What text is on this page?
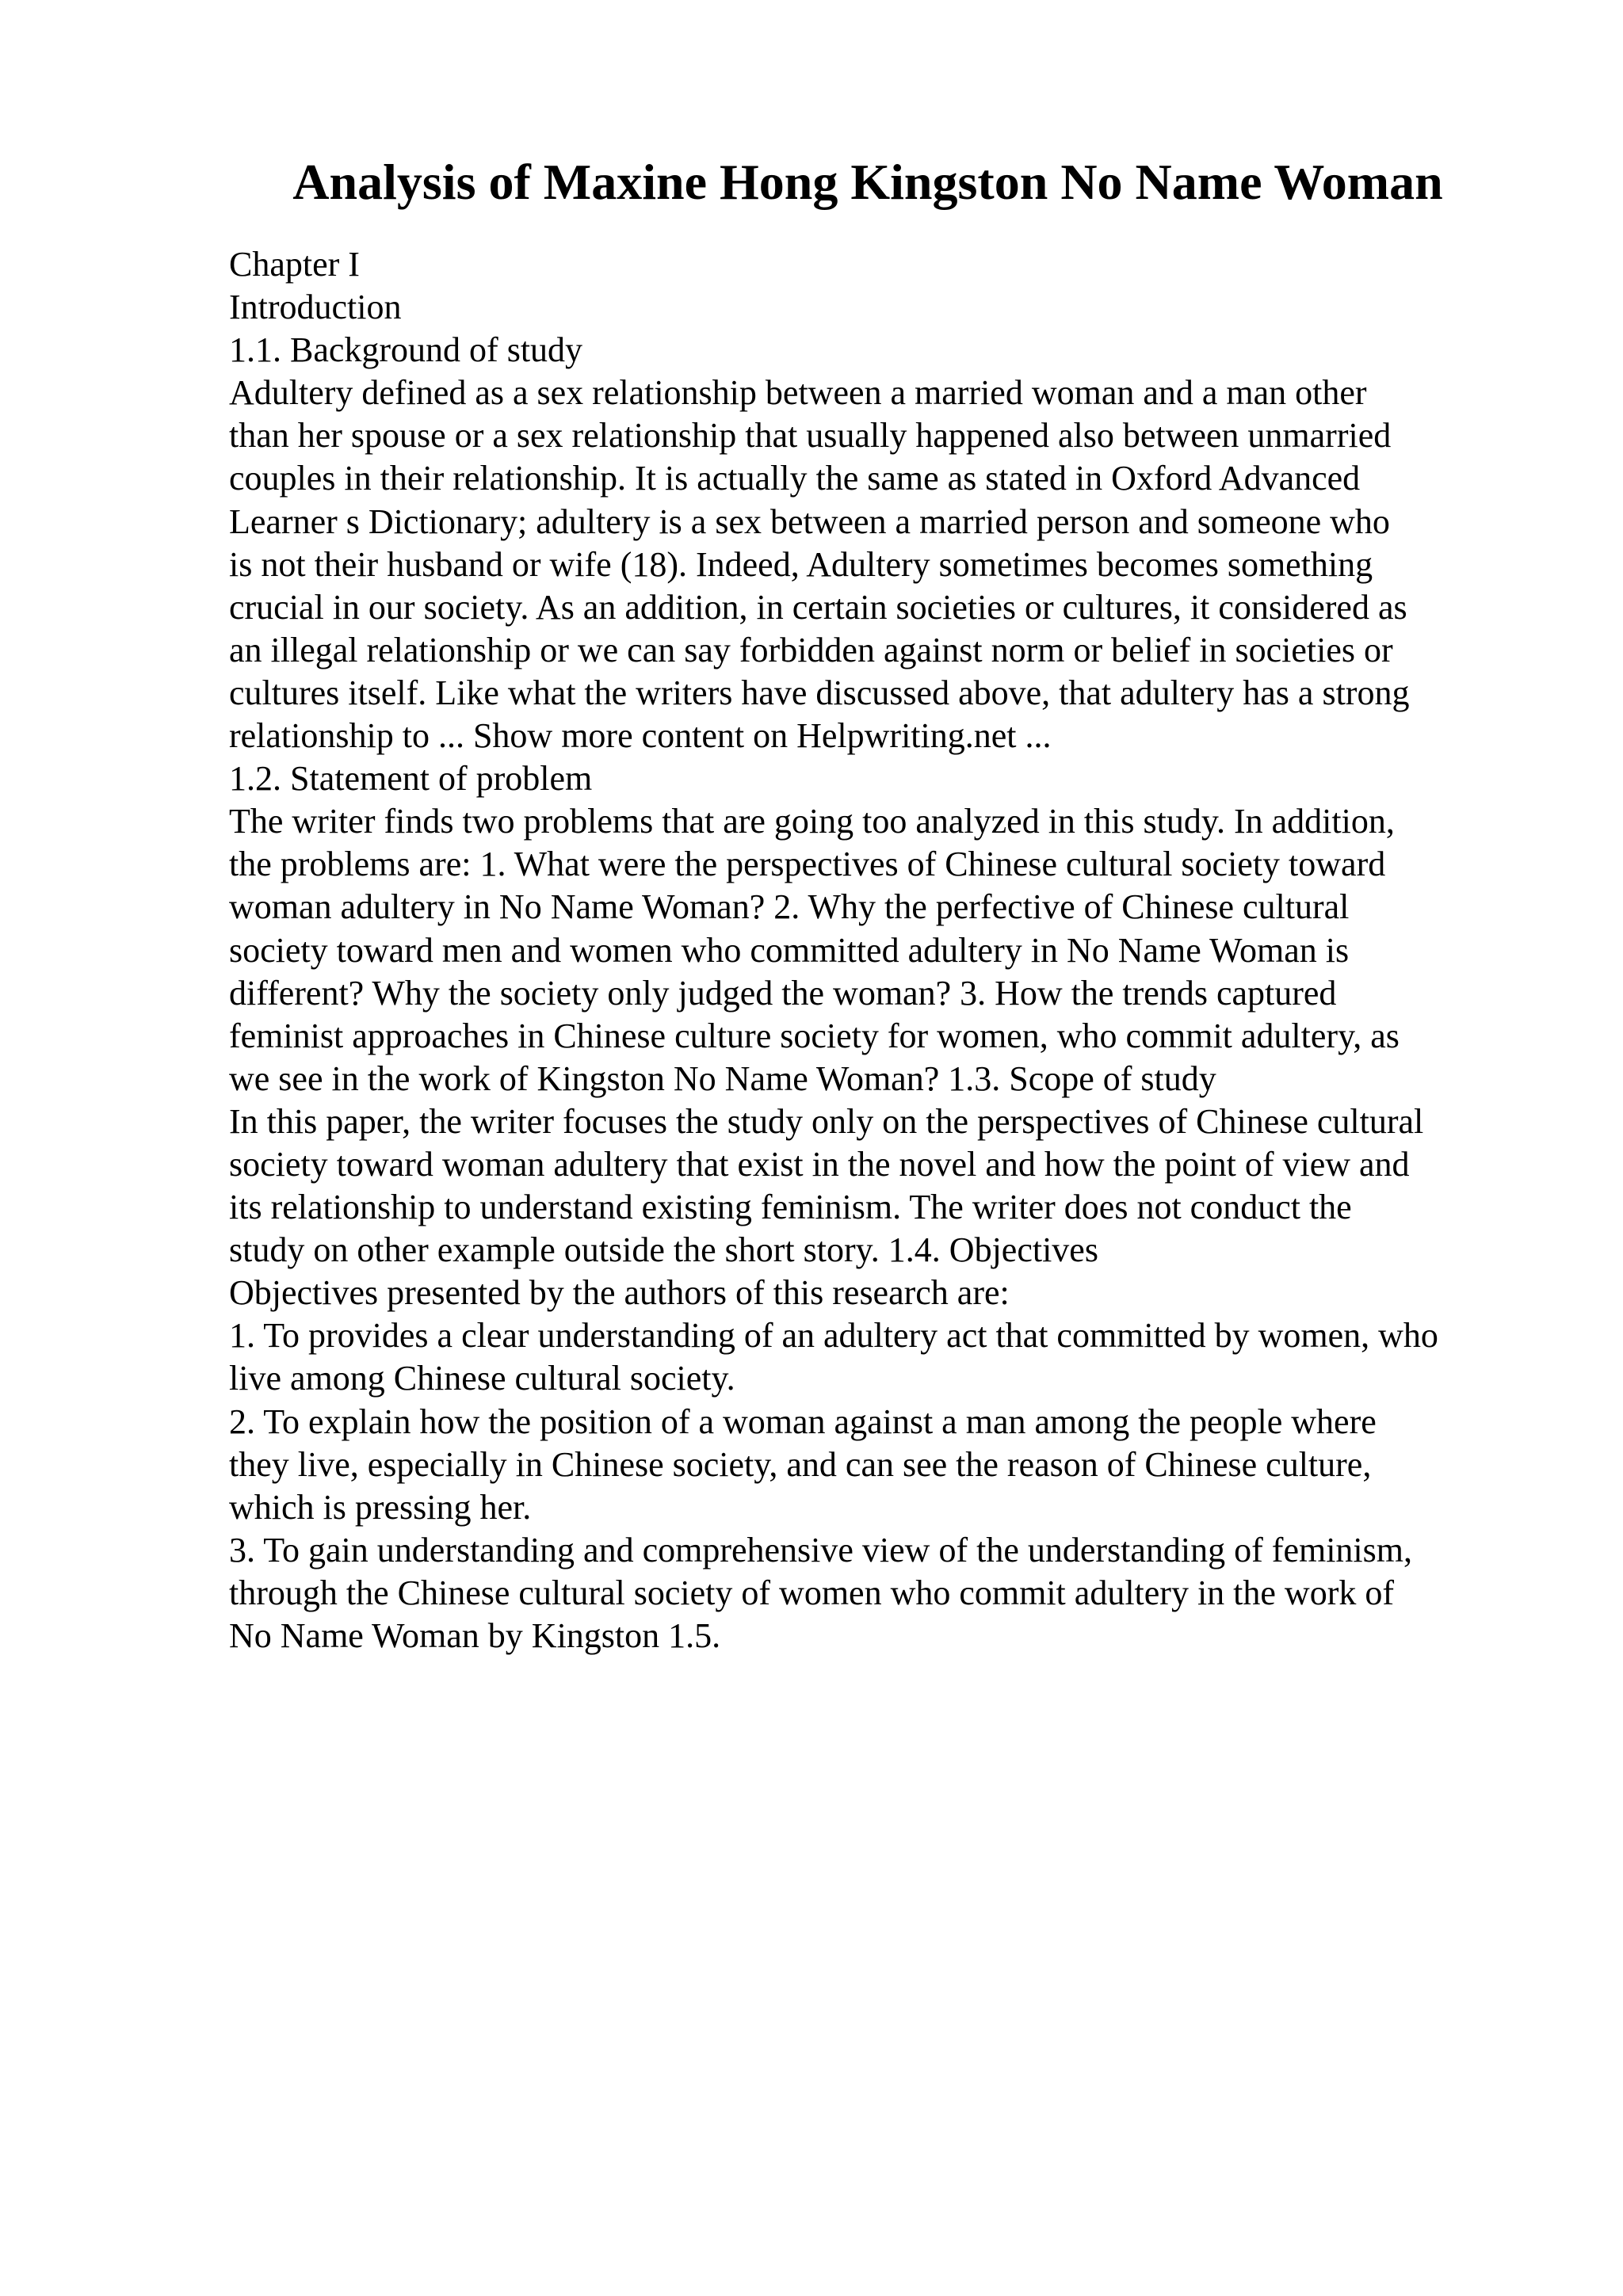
Analysis of Maxine Hong Kingston No Name Woman
Chapter I
Introduction
1.1. Background of study
Adultery defined as a sex relationship between a married woman and a man other
than her spouse or a sex relationship that usually happened also between unmarried
couples in their relationship. It is actually the same as stated in Oxford Advanced
Learner s Dictionary; adultery is a sex between a married person and someone who
is not their husband or wife (18). Indeed, Adultery sometimes becomes something
crucial in our society. As an addition, in certain societies or cultures, it considered as
an illegal relationship or we can say forbidden against norm or belief in societies or
cultures itself. Like what the writers have discussed above, that adultery has a strong
relationship to ... Show more content on Helpwriting.net ...
1.2. Statement of problem
The writer finds two problems that are going too analyzed in this study. In addition,
the problems are: 1. What were the perspectives of Chinese cultural society toward
woman adultery in No Name Woman? 2. Why the perfective of Chinese cultural
society toward men and women who committed adultery in No Name Woman is
different? Why the society only judged the woman? 3. How the trends captured
feminist approaches in Chinese culture society for women, who commit adultery, as
we see in the work of Kingston No Name Woman? 1.3. Scope of study
In this paper, the writer focuses the study only on the perspectives of Chinese cultural
society toward woman adultery that exist in the novel and how the point of view and
its relationship to understand existing feminism. The writer does not conduct the
study on other example outside the short story. 1.4. Objectives
Objectives presented by the authors of this research are:
1. To provides a clear understanding of an adultery act that committed by women, who
live among Chinese cultural society.
2. To explain how the position of a woman against a man among the people where
they live, especially in Chinese society, and can see the reason of Chinese culture,
which is pressing her.
3. To gain understanding and comprehensive view of the understanding of feminism,
through the Chinese cultural society of women who commit adultery in the work of
No Name Woman by Kingston 1.5.
